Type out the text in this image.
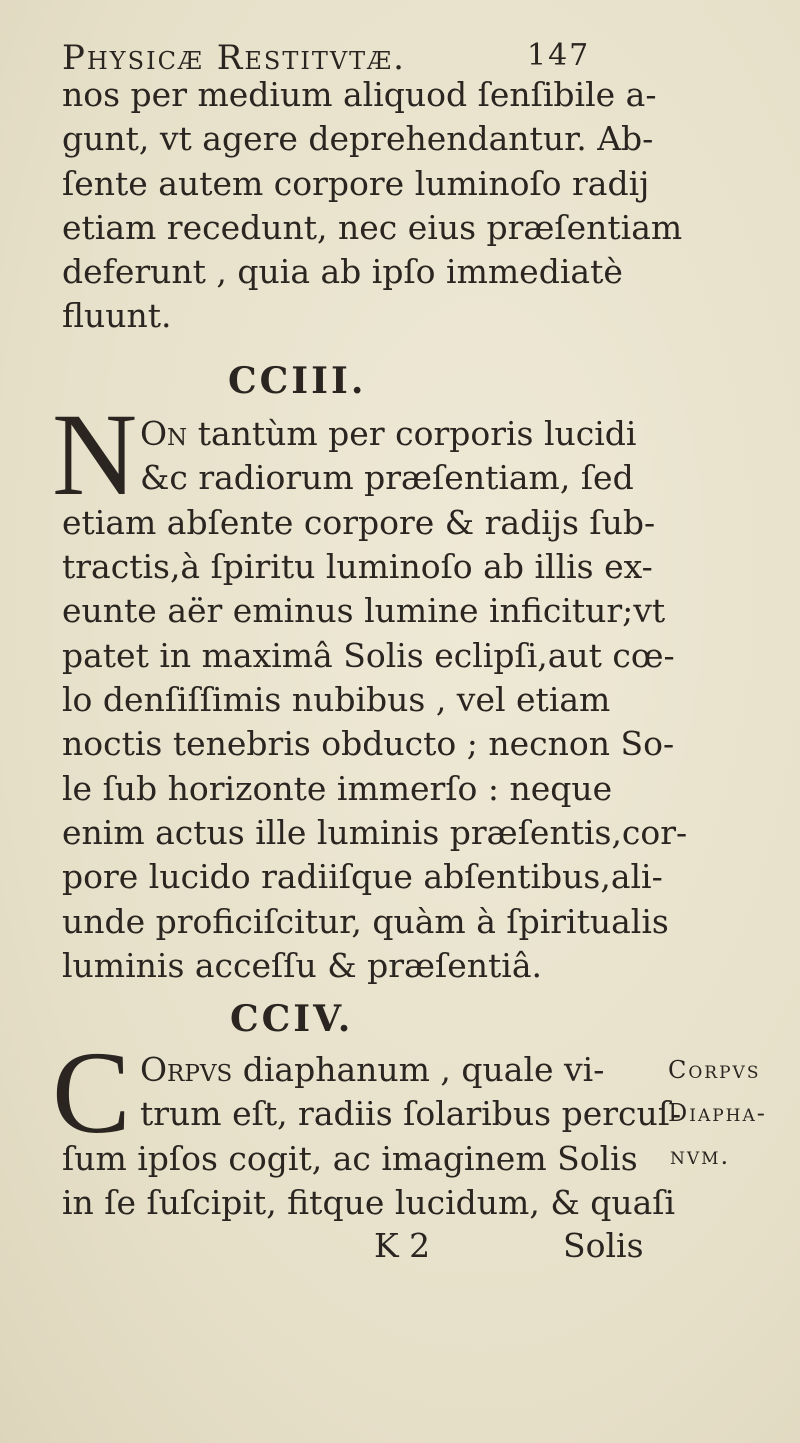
Physicæ Restitvtæ.	147
nos per medium aliquod ſenſibile a-
gunt, vt agere deprehendantur. Ab-
ſente autem corpore luminoſo radij
etiam recedunt, nec eius præſentiam
deferunt , quia ab ipſo immediatè
fluunt.
CCIII.
N On tantùm per corporis lucidi
&c radiorum præſentiam, ſed
etiam abſente corpore & radijs ſub-
tractis,à ſpiritu luminoſo ab illis ex-
eunte aër eminus lumine inficitur;vt
patet in maximâ Solis eclipſi,aut cœ-
lo denſiſſimis nubibus , vel etiam
noctis tenebris obducto ; necnon So-
le ſub horizonte immerſo : neque
enim actus ille luminis præſentis,cor-
pore lucido radiiſque abſentibus,ali-
unde proficiſcitur, quàm à ſpiritualis
luminis acceſſu & præſentiâ.
CCIV.
C Orpvs diaphanum , quale vi-
trum eſt, radiis ſolaribus percuſ-
ſum ipſos cogit, ac imaginem Solis
in ſe ſuſcipit, fitque lucidum, & quaſi
Corpvs
Diapha-
nvm.
K 2	Solis
